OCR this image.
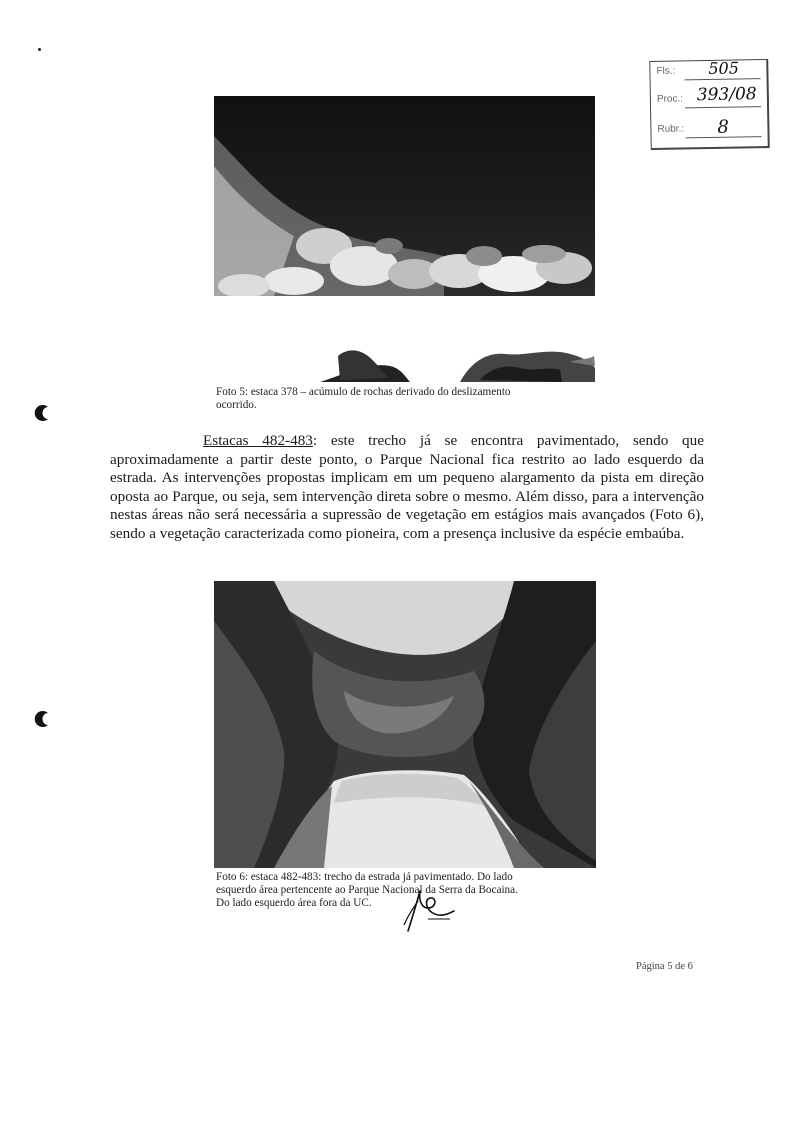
Fls.: 505
Proc.: 393/08
Rubr.: 8
Foto 5: estaca 378 – acúmulo de rochas derivado do deslizamento
ocorrido.
Estacas 482-483: este trecho já se encontra pavimentado, sendo que aproximadamente a partir deste ponto, o Parque Nacional fica restrito ao lado esquerdo da estrada. As intervenções propostas implicam em um pequeno alargamento da pista em direção oposta ao Parque, ou seja, sem intervenção direta sobre o mesmo. Além disso, para a intervenção nestas áreas não será necessária a supressão de vegetação em estágios mais avançados (Foto 6), sendo a vegetação caracterizada como pioneira, com a presença inclusive da espécie embaúba.
Foto 6: estaca 482-483: trecho da estrada já pavimentado. Do lado
esquerdo área pertencente ao Parque Nacional da Serra da Bocaina.
Do lado esquerdo área fora da UC.
Página 5 de 6
